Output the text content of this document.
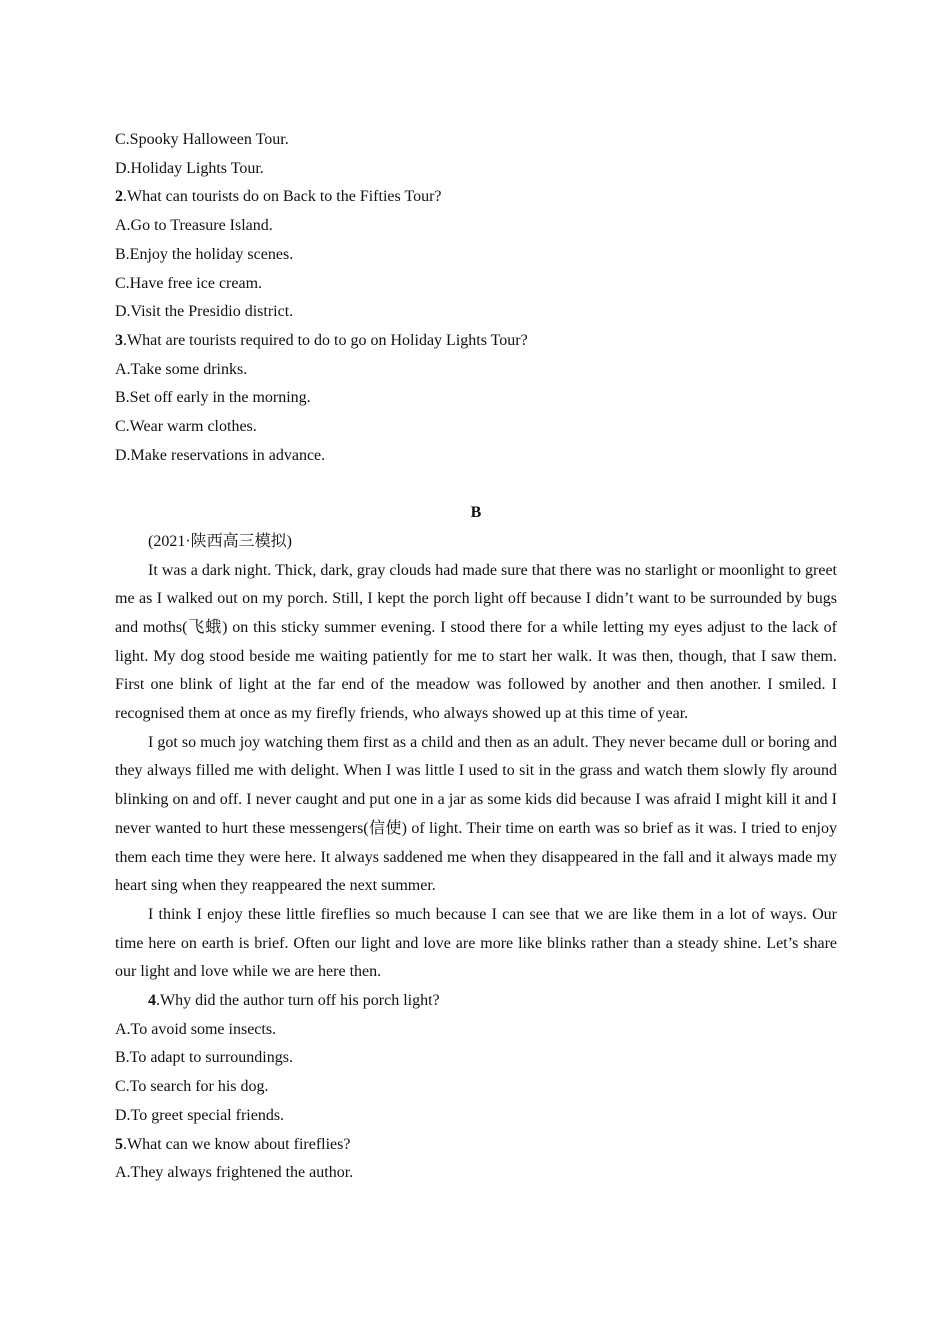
C.Spooky Halloween Tour.

D.Holiday Lights Tour.

2.What can tourists do on Back to the Fifties Tour?

A.Go to Treasure Island.

B.Enjoy the holiday scenes.

C.Have free ice cream.

D.Visit the Presidio district.

3.What are tourists required to do to go on Holiday Lights Tour?

A.Take some drinks.

B.Set off early in the morning.

C.Wear warm clothes.

D.Make reservations in advance.

B

(2021·陕西高三模拟)

It was a dark night. Thick, dark, gray clouds had made sure that there was no starlight or moonlight to greet me as I walked out on my porch. Still, I kept the porch light off because I didn’t want to be surrounded by bugs and moths(飞蛾) on this sticky summer evening. I stood there for a while letting my eyes adjust to the lack of light. My dog stood beside me waiting patiently for me to start her walk. It was then, though, that I saw them. First one blink of light at the far end of the meadow was followed by another and then another. I smiled. I recognised them at once as my firefly friends, who always showed up at this time of year.

I got so much joy watching them first as a child and then as an adult. They never became dull or boring and they always filled me with delight. When I was little I used to sit in the grass and watch them slowly fly around blinking on and off. I never caught and put one in a jar as some kids did because I was afraid I might kill it and I never wanted to hurt these messengers(信使) of light. Their time on earth was so brief as it was. I tried to enjoy them each time they were here. It always saddened me when they disappeared in the fall and it always made my heart sing when they reappeared the next summer.

I think I enjoy these little fireflies so much because I can see that we are like them in a lot of ways. Our time here on earth is brief. Often our light and love are more like blinks rather than a steady shine. Let’s share our light and love while we are here then.

4.Why did the author turn off his porch light?

A.To avoid some insects.

B.To adapt to surroundings.

C.To search for his dog.

D.To greet special friends.

5.What can we know about fireflies?

A.They always frightened the author.
